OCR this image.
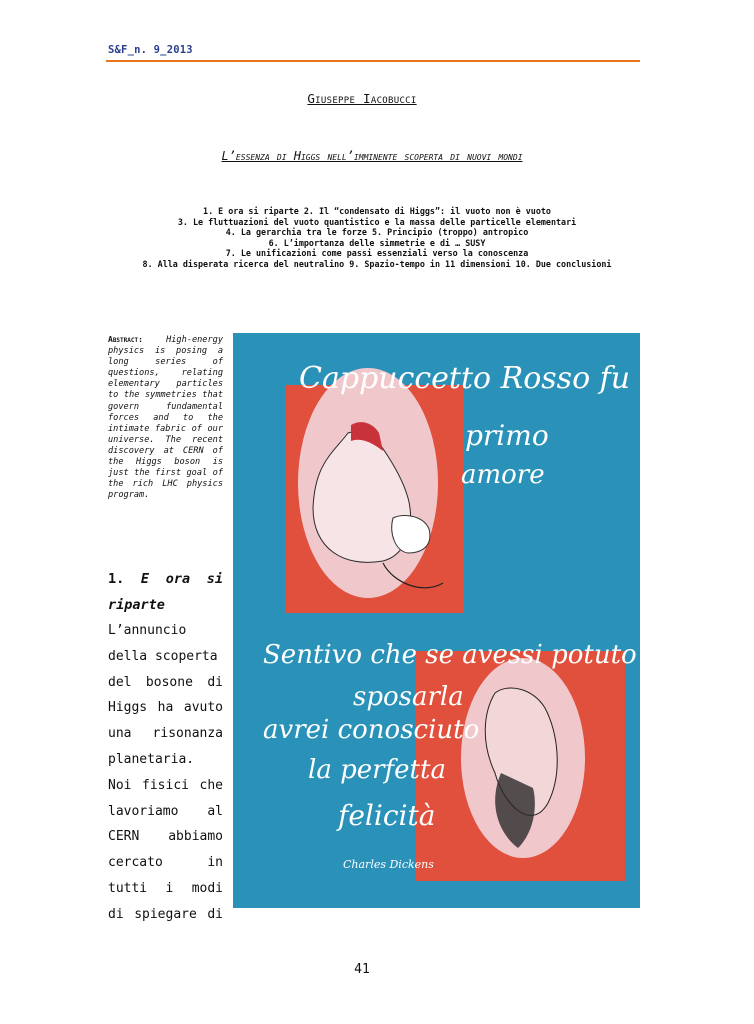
S&F_n. 9_2013
Giuseppe Iacobucci
L’essenza di Higgs nell’imminente scoperta di nuovi mondi
1. E ora si riparte 2. Il “condensato di Higgs”: il vuoto non è vuoto
3. Le fluttuazioni del vuoto quantistico e la massa delle particelle elementari
4. La gerarchia tra le forze 5. Principio (troppo) antropico
6. L’importanza delle simmetrie e di … SUSY
7. Le unificazioni come passi essenziali verso la conoscenza
8. Alla disperata ricerca del neutralino 9. Spazio-tempo in 11 dimensioni 10. Due conclusioni
Abstract:	High-energy physics is posing a long series of questions, relating elementary particles to the symmetries that govern fundamental forces and to the intimate fabric of our universe. The recent discovery at CERN of the Higgs boson is just the first goal of the rich LHC physics program.
1. E ora si riparte
L’annuncio
della scoperta
del bosone di
Higgs ha avuto
una risonanza
planetaria.
Noi fisici che
lavoriamo al
CERN abbiamo
cercato in
tutti i modi
di spiegare di
Cappuccetto Rosso fu il mio
primo
amore
Sentivo che se avessi potuto
sposarla
avrei conosciuto
la perfetta
felicità
Charles Dickens
41
